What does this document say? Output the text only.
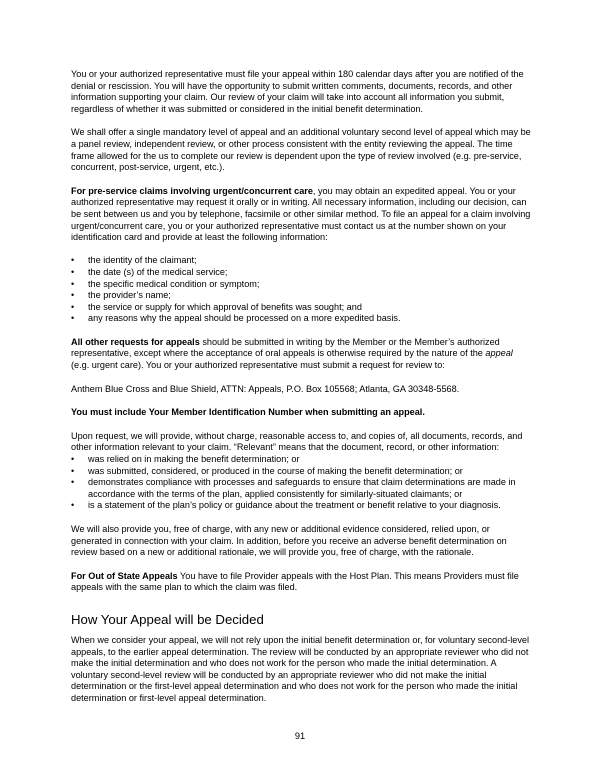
You or your authorized representative must file your appeal within 180 calendar days after you are notified of the denial or rescission. You will have the opportunity to submit written comments, documents, records, and other information supporting your claim. Our review of your claim will take into account all information you submit, regardless of whether it was submitted or considered in the initial benefit determination.

We shall offer a single mandatory level of appeal and an additional voluntary second level of appeal which may be a panel review, independent review, or other process consistent with the entity reviewing the appeal. The time frame allowed for the us to complete our review is dependent upon the type of review involved (e.g. pre-service, concurrent, post-service, urgent, etc.).

For pre-service claims involving urgent/concurrent care, you may obtain an expedited appeal. You or your authorized representative may request it orally or in writing. All necessary information, including our decision, can be sent between us and you by telephone, facsimile or other similar method. To file an appeal for a claim involving urgent/concurrent care, you or your authorized representative must contact us at the number shown on your identification card and provide at least the following information:

• the identity of the claimant;
• the date (s) of the medical service;
• the specific medical condition or symptom;
• the provider’s name;
• the service or supply for which approval of benefits was sought; and
• any reasons why the appeal should be processed on a more expedited basis.

All other requests for appeals should be submitted in writing by the Member or the Member’s authorized representative, except where the acceptance of oral appeals is otherwise required by the nature of the appeal (e.g. urgent care). You or your authorized representative must submit a request for review to:

Anthem Blue Cross and Blue Shield, ATTN: Appeals, P.O. Box 105568; Atlanta, GA 30348-5568.

You must include Your Member Identification Number when submitting an appeal.

Upon request, we will provide, without charge, reasonable access to, and copies of, all documents, records, and other information relevant to your claim. “Relevant” means that the document, record, or other information:

• was relied on in making the benefit determination; or
• was submitted, considered, or produced in the course of making the benefit determination; or
• demonstrates compliance with processes and safeguards to ensure that claim determinations are made in accordance with the terms of the plan, applied consistently for similarly-situated claimants; or
• is a statement of the plan’s policy or guidance about the treatment or benefit relative to your diagnosis.

We will also provide you, free of charge, with any new or additional evidence considered, relied upon, or generated in connection with your claim. In addition, before you receive an adverse benefit determination on review based on a new or additional rationale, we will provide you, free of charge, with the rationale.

For Out of State Appeals You have to file Provider appeals with the Host Plan. This means Providers must file appeals with the same plan to which the claim was filed.

How Your Appeal will be Decided

When we consider your appeal, we will not rely upon the initial benefit determination or, for voluntary second-level appeals, to the earlier appeal determination. The review will be conducted by an appropriate reviewer who did not make the initial determination and who does not work for the person who made the initial determination. A voluntary second-level review will be conducted by an appropriate reviewer who did not make the initial determination or the first-level appeal determination and who does not work for the person who made the initial determination or first-level appeal determination.

91
